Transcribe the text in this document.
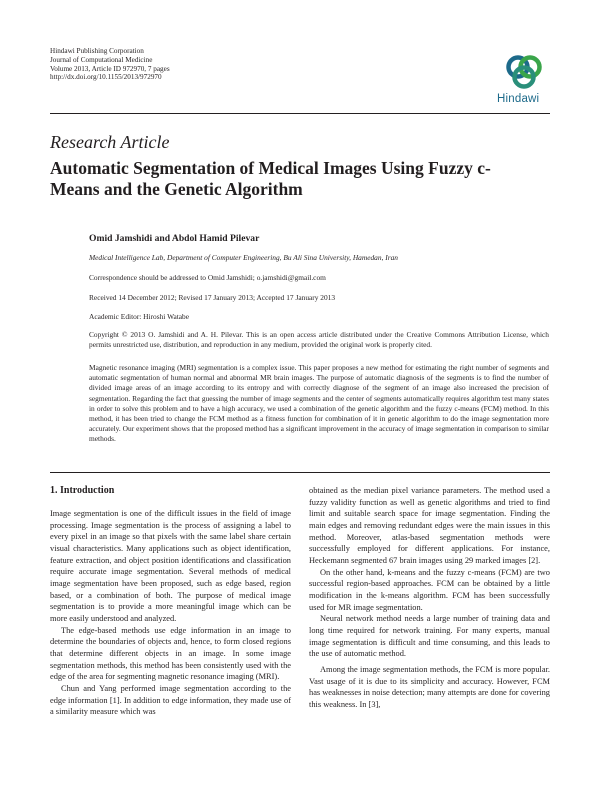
Hindawi Publishing Corporation
Journal of Computational Medicine
Volume 2013, Article ID 972970, 7 pages
http://dx.doi.org/10.1155/2013/972970
Hindawi
Research Article
Automatic Segmentation of Medical Images Using Fuzzy c-Means and the Genetic Algorithm
Omid Jamshidi and Abdol Hamid Pilevar
Medical Intelligence Lab, Department of Computer Engineering, Bu Ali Sina University, Hamedan, Iran
Correspondence should be addressed to Omid Jamshidi; o.jamshidi@gmail.com
Received 14 December 2012; Revised 17 January 2013; Accepted 17 January 2013
Academic Editor: Hiroshi Watabe
Copyright © 2013 O. Jamshidi and A. H. Pilevar. This is an open access article distributed under the Creative Commons Attribution License, which permits unrestricted use, distribution, and reproduction in any medium, provided the original work is properly cited.
Magnetic resonance imaging (MRI) segmentation is a complex issue. This paper proposes a new method for estimating the right number of segments and automatic segmentation of human normal and abnormal MR brain images. The purpose of automatic diagnosis of the segments is to find the number of divided image areas of an image according to its entropy and with correctly diagnose of the segment of an image also increased the precision of segmentation. Regarding the fact that guessing the number of image segments and the center of segments automatically requires algorithm test many states in order to solve this problem and to have a high accuracy, we used a combination of the genetic algorithm and the fuzzy c-means (FCM) method. In this method, it has been tried to change the FCM method as a fitness function for combination of it in genetic algorithm to do the image segmentation more accurately. Our experiment shows that the proposed method has a significant improvement in the accuracy of image segmentation in comparison to similar methods.
1. Introduction

Image segmentation is one of the difficult issues in the field of image processing. Image segmentation is the process of assigning a label to every pixel in an image so that pixels with the same label share certain visual characteristics. Many applications such as object identification, feature extraction, and object position identifications and classification require accurate image segmentation. Several methods of medical image segmentation have been proposed, such as edge based, region based, or a combination of both. The purpose of medical image segmentation is to provide a more meaningful image which can be more easily understood and analyzed.

The edge-based methods use edge information in an image to determine the boundaries of objects and, hence, to form closed regions that determine different objects in an image. In some image segmentation methods, this method has been consistently used with the edge of the area for segmenting magnetic resonance imaging (MRI).

Chun and Yang performed image segmentation according to the edge information [1]. In addition to edge information, they made use of a similarity measure which was

obtained as the median pixel variance parameters. The method used a fuzzy validity function as well as genetic algorithms and tried to find limit and suitable search space for image segmentation. Finding the main edges and removing redundant edges were the main issues in this method. Moreover, atlas-based segmentation methods were successfully employed for different applications. For instance, Heckemann segmented 67 brain images using 29 marked images [2].

On the other hand, k-means and the fuzzy c-means (FCM) are two successful region-based approaches. FCM can be obtained by a little modification in the k-means algorithm. FCM has been successfully used for MR image segmentation.

Neural network method needs a large number of training data and long time required for network training. For many experts, manual image segmentation is difficult and time consuming, and this leads to the use of automatic method.

Among the image segmentation methods, the FCM is more popular. Vast usage of it is due to its simplicity and accuracy. However, FCM has weaknesses in noise detection; many attempts are done for covering this weakness. In [3],
